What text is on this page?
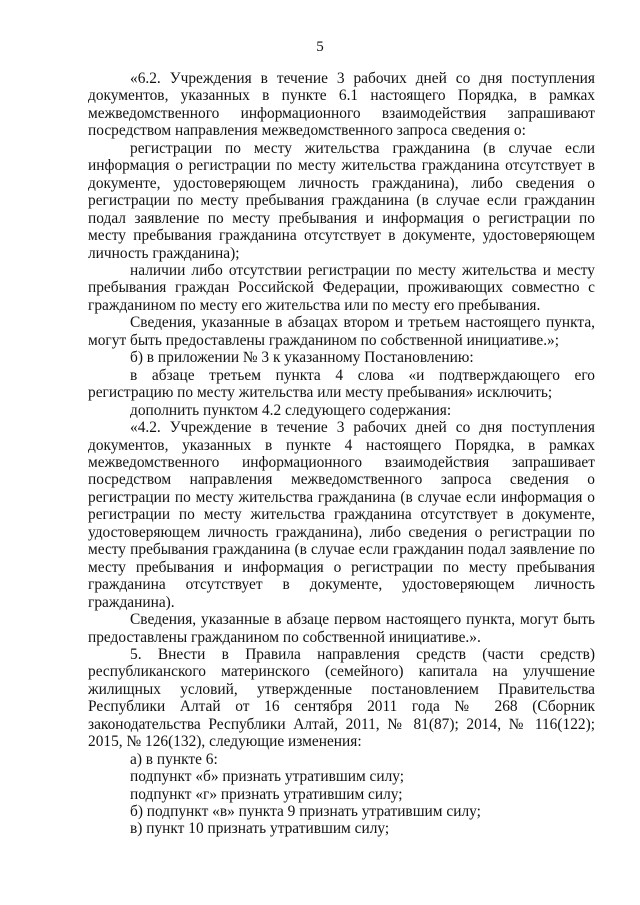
5

«6.2. Учреждения в течение 3 рабочих дней со дня поступления документов, указанных в пункте 6.1 настоящего Порядка, в рамках межведомственного информационного взаимодействия запрашивают посредством направления межведомственного запроса сведения о:

регистрации по месту жительства гражданина (в случае если информация о регистрации по месту жительства гражданина отсутствует в документе, удостоверяющем личность гражданина), либо сведения о регистрации по месту пребывания гражданина (в случае если гражданин подал заявление по месту пребывания и информация о регистрации по месту пребывания гражданина отсутствует в документе, удостоверяющем личность гражданина);

наличии либо отсутствии регистрации по месту жительства и месту пребывания граждан Российской Федерации, проживающих совместно с гражданином по месту его жительства или по месту его пребывания.

Сведения, указанные в абзацах втором и третьем настоящего пункта, могут быть предоставлены гражданином по собственной инициативе.»;

б) в приложении № 3 к указанному Постановлению:

в абзаце третьем пункта 4 слова «и подтверждающего его регистрацию по месту жительства или месту пребывания» исключить;

дополнить пунктом 4.2 следующего содержания:

«4.2. Учреждение в течение 3 рабочих дней со дня поступления документов, указанных в пункте 4 настоящего Порядка, в рамках межведомственного информационного взаимодействия запрашивает посредством направления межведомственного запроса сведения о регистрации по месту жительства гражданина (в случае если информация о регистрации по месту жительства гражданина отсутствует в документе, удостоверяющем личность гражданина), либо сведения о регистрации по месту пребывания гражданина (в случае если гражданин подал заявление по месту пребывания и информация о регистрации по месту пребывания гражданина отсутствует в документе, удостоверяющем личность гражданина).

Сведения, указанные в абзаце первом настоящего пункта, могут быть предоставлены гражданином по собственной инициативе.».

5. Внести в Правила направления средств (части средств) республиканского материнского (семейного) капитала на улучшение жилищных условий, утвержденные постановлением Правительства Республики Алтай от 16 сентября 2011 года № 268 (Сборник законодательства Республики Алтай, 2011, № 81(87); 2014, № 116(122); 2015, № 126(132), следующие изменения:

а) в пункте 6:

подпункт «б» признать утратившим силу;

подпункт «г» признать утратившим силу;

б) подпункт «в» пункта 9 признать утратившим силу;

в) пункт 10 признать утратившим силу;
